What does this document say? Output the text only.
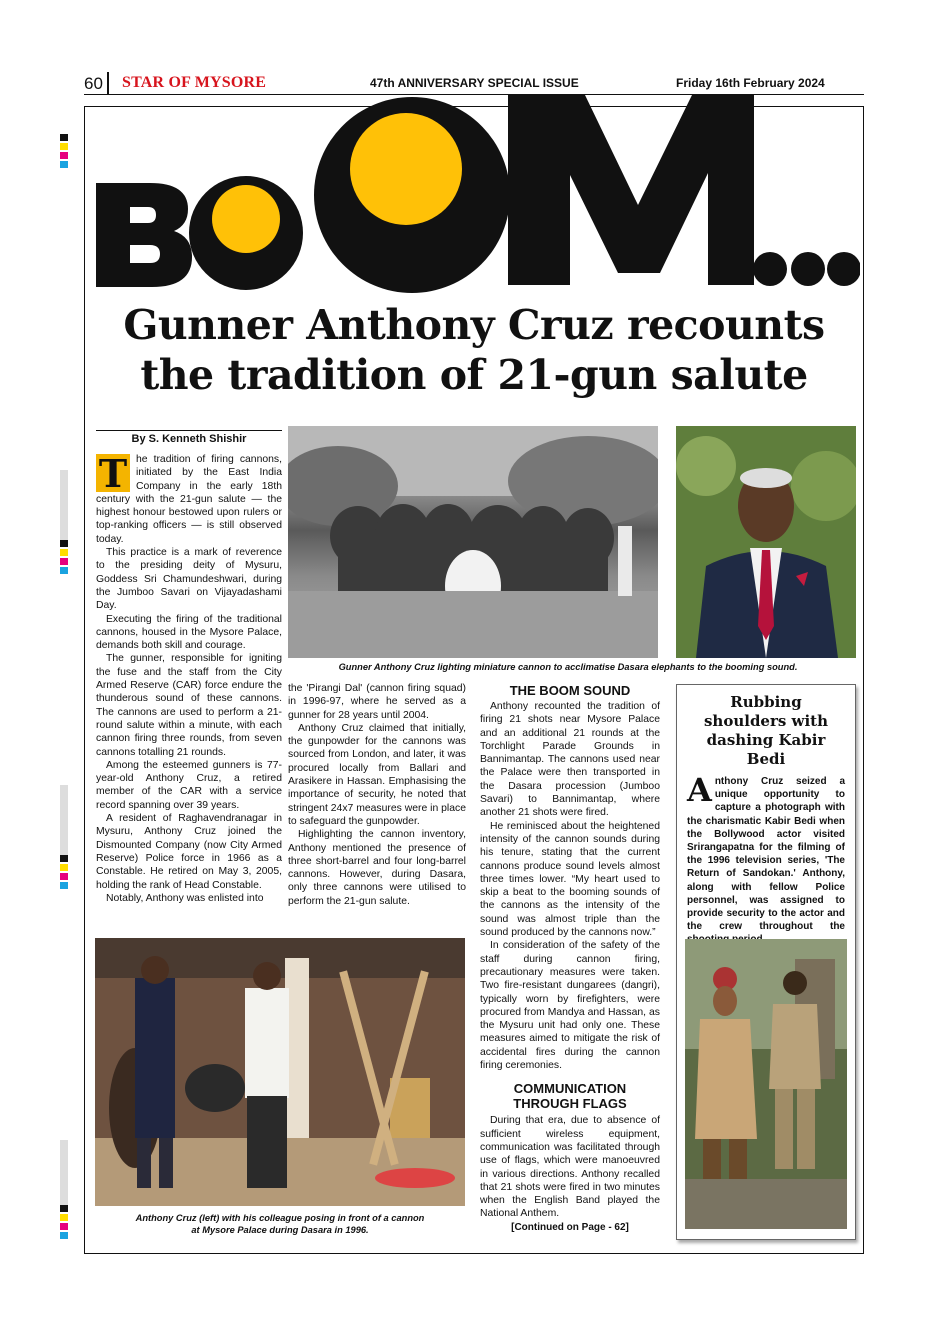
60 STAR OF MYSORE	47th ANNIVERSARY SPECIAL ISSUE	Friday 16th February 2024
Gunner Anthony Cruz recounts
the tradition of 21-gun salute
By S. Kenneth Shishir

T he tradition of firing cannons, initiated by the East India Company in the early 18th century with the 21-gun salute — the highest honour bestowed upon rulers or top-ranking officers — is still observed today.

This practice is a mark of reverence to the presiding deity of Mysuru, Goddess Sri Chamundeshwari, during the Jumboo Savari on Vijayadashami Day.

Executing the firing of the traditional cannons, housed in the Mysore Palace, demands both skill and courage.

The gunner, responsible for igniting the fuse and the staff from the City Armed Reserve (CAR) force endure the thunderous sound of these cannons. The cannons are used to perform a 21-round salute within a minute, with each cannon firing three rounds, from seven cannons totalling 21 rounds.

Among the esteemed gunners is 77-year-old Anthony Cruz, a retired member of the CAR with a service record spanning over 39 years.

A resident of Raghavendranagar in Mysuru, Anthony Cruz joined the Dismounted Company (now City Armed Reserve) Police force in 1966 as a Constable. He retired on May 3, 2005, holding the rank of Head Constable.

Notably, Anthony was enlisted into

Gunner Anthony Cruz lighting miniature cannon to acclimatise Dasara elephants to the booming sound.

the 'Pirangi Dal' (cannon firing squad) in 1996-97, where he served as a gunner for 28 years until 2004.

Anthony Cruz claimed that initially, the gunpowder for the cannons was sourced from London, and later, it was procured locally from Ballari and Arasikere in Hassan. Emphasising the importance of security, he noted that stringent 24x7 measures were in place to safeguard the gunpowder.

Highlighting the cannon inventory, Anthony mentioned the presence of three short-barrel and four long-barrel cannons. However, during Dasara, only three cannons were utilised to perform the 21-gun salute.

THE BOOM SOUND

Anthony recounted the tradition of firing 21 shots near Mysore Palace and an additional 21 rounds at the Torchlight Parade Grounds in Bannimantap. The cannons used near the Palace were then transported in the Dasara procession (Jumboo Savari) to Bannimantap, where another 21 shots were fired.

He reminisced about the heightened intensity of the cannon sounds during his tenure, stating that the current cannons produce sound levels almost three times lower. “My heart used to skip a beat to the booming sounds of the cannons as the intensity of the sound was almost triple than the sound produced by the cannons now.”

In consideration of the safety of the staff during cannon firing, precautionary measures were taken. Two fire-resistant dungarees (dangri), typically worn by firefighters, were procured from Mandya and Hassan, as the Mysuru unit had only one. These measures aimed to mitigate the risk of accidental fires during the cannon firing ceremonies.

COMMUNICATION THROUGH FLAGS

During that era, due to absence of sufficient wireless equipment, communication was facilitated through use of flags, which were manoeuvred in various directions. Anthony recalled that 21 shots were fired in two minutes when the English Band played the National Anthem.

[Continued on Page - 62]
Anthony Cruz (left) with his colleague posing in front of a cannon
at Mysore Palace during Dasara in 1996.
Rubbing shoulders with dashing Kabir Bedi
Anthony Cruz seized a unique opportunity to capture a photograph with the charismatic Kabir Bedi when the Bollywood actor visited Srirangapatna for the filming of the 1996 television series, 'The Return of Sandokan.' Anthony, along with fellow Police personnel, was assigned to provide security to the actor and the crew throughout the
